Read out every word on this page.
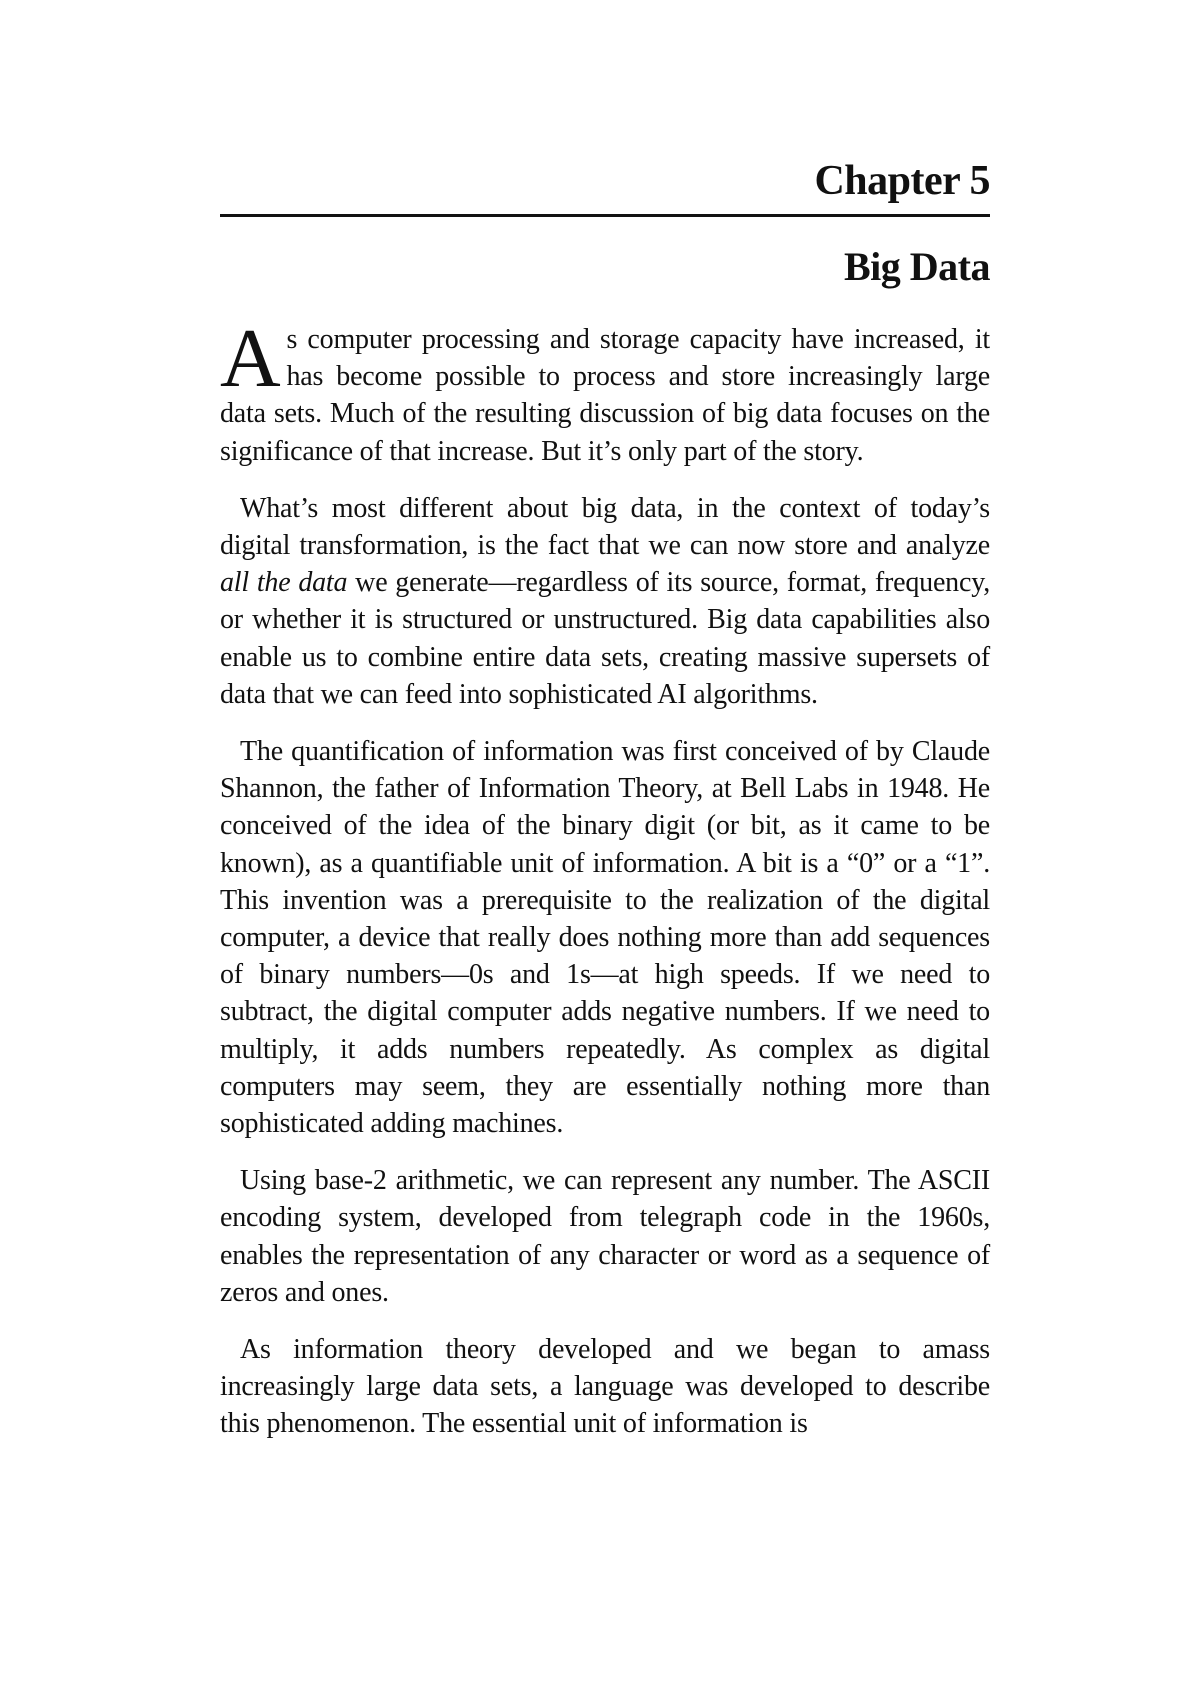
Chapter 5
Big Data

As computer processing and storage capacity have increased, it has become possible to process and store increasingly large data sets. Much of the resulting discussion of big data focuses on the significance of that increase. But it’s only part of the story.

What’s most different about big data, in the context of today’s digital transformation, is the fact that we can now store and analyze all the data we generate—regardless of its source, format, frequency, or whether it is structured or unstructured. Big data capabilities also enable us to combine entire data sets, creating massive supersets of data that we can feed into sophisticated AI algorithms.

The quantification of information was first conceived of by Claude Shannon, the father of Information Theory, at Bell Labs in 1948. He conceived of the idea of the binary digit (or bit, as it came to be known), as a quantifiable unit of information. A bit is a “0” or a “1”. This invention was a prerequisite to the realization of the digital computer, a device that really does nothing more than add sequences of binary numbers—0s and 1s—at high speeds. If we need to subtract, the digital computer adds negative numbers. If we need to multiply, it adds numbers repeatedly. As complex as digital computers may seem, they are essentially nothing more than sophisticated adding machines.

Using base-2 arithmetic, we can represent any number. The ASCII encoding system, developed from telegraph code in the 1960s, enables the representation of any character or word as a sequence of zeros and ones.

As information theory developed and we began to amass increasingly large data sets, a language was developed to describe this phenomenon. The essential unit of information is
